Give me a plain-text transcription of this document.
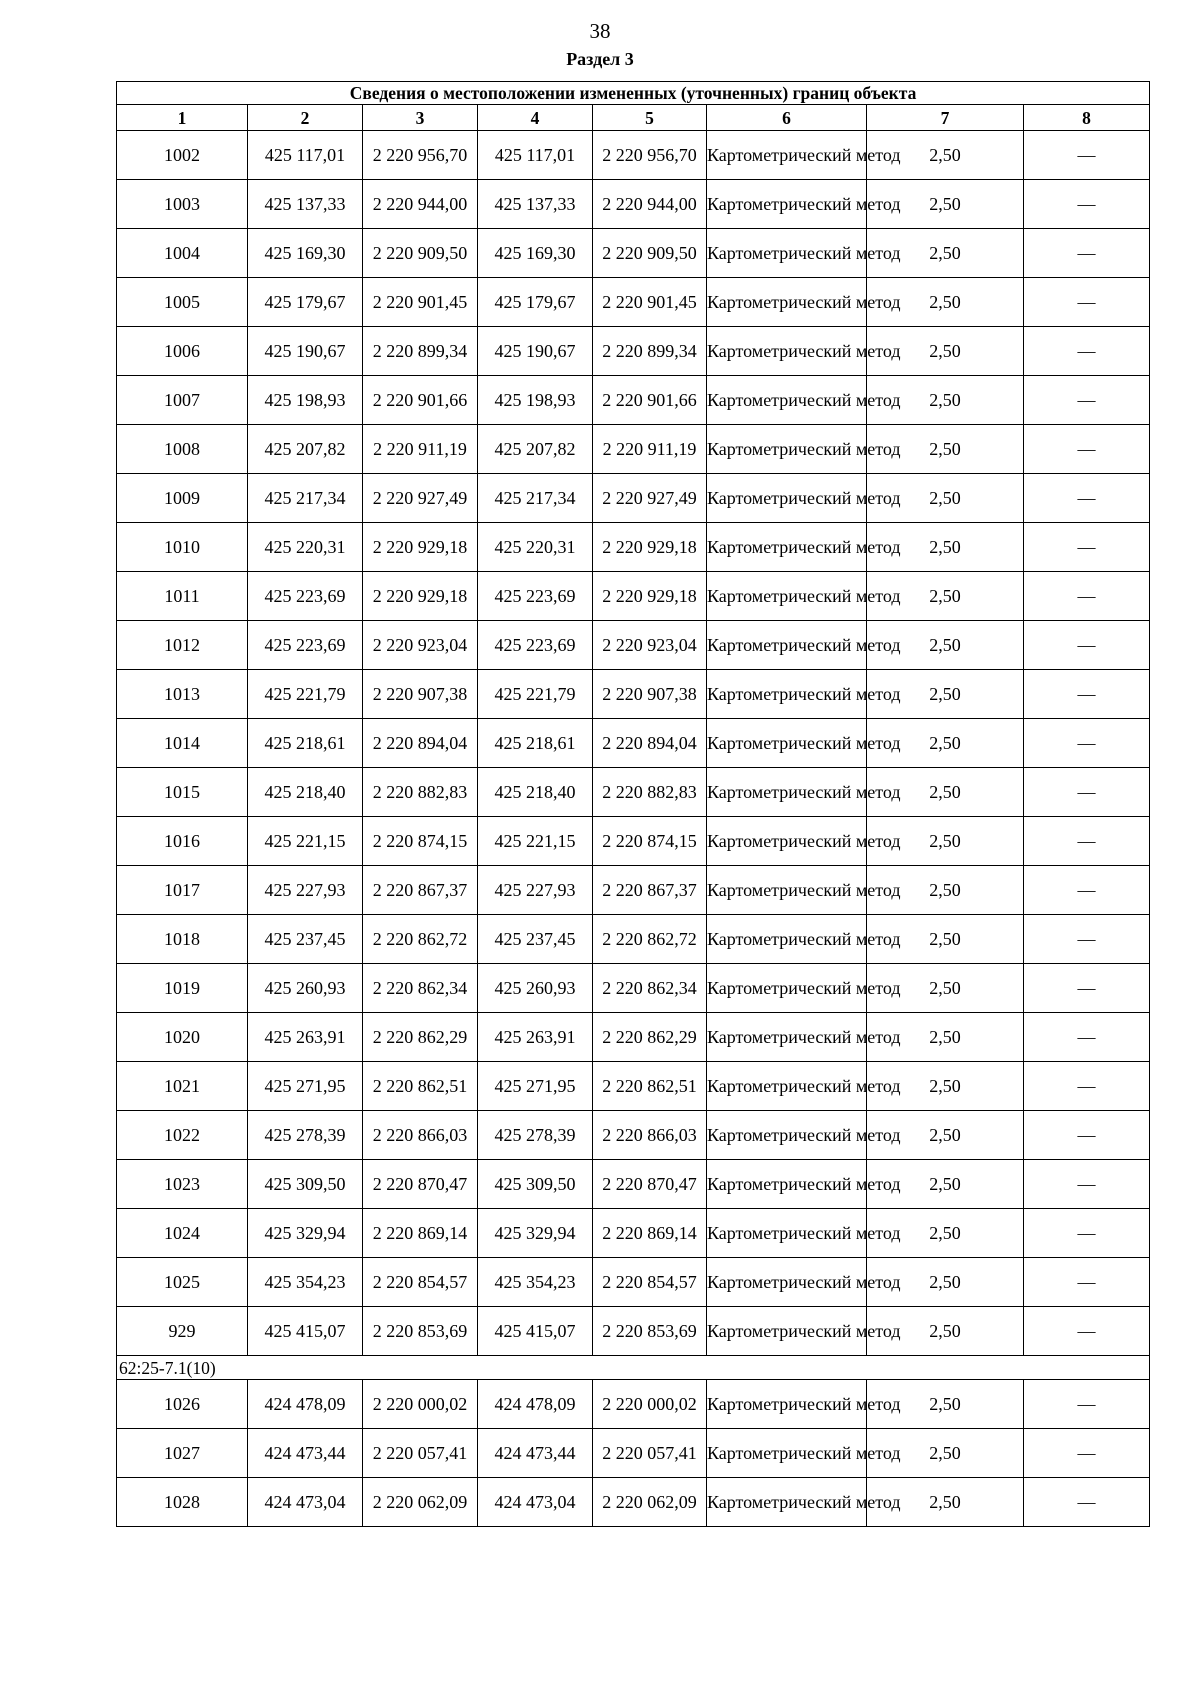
38
Раздел 3
Сведения о местоположении измененных (уточненных) границ объекта							
1	2	3	4	5	6	7	8
1002	425 117,01	2 220 956,70	425 117,01	2 220 956,70	Картометрический метод	2,50	—
1003	425 137,33	2 220 944,00	425 137,33	2 220 944,00	Картометрический метод	2,50	—
1004	425 169,30	2 220 909,50	425 169,30	2 220 909,50	Картометрический метод	2,50	—
1005	425 179,67	2 220 901,45	425 179,67	2 220 901,45	Картометрический метод	2,50	—
1006	425 190,67	2 220 899,34	425 190,67	2 220 899,34	Картометрический метод	2,50	—
1007	425 198,93	2 220 901,66	425 198,93	2 220 901,66	Картометрический метод	2,50	—
1008	425 207,82	2 220 911,19	425 207,82	2 220 911,19	Картометрический метод	2,50	—
1009	425 217,34	2 220 927,49	425 217,34	2 220 927,49	Картометрический метод	2,50	—
1010	425 220,31	2 220 929,18	425 220,31	2 220 929,18	Картометрический метод	2,50	—
1011	425 223,69	2 220 929,18	425 223,69	2 220 929,18	Картометрический метод	2,50	—
1012	425 223,69	2 220 923,04	425 223,69	2 220 923,04	Картометрический метод	2,50	—
1013	425 221,79	2 220 907,38	425 221,79	2 220 907,38	Картометрический метод	2,50	—
1014	425 218,61	2 220 894,04	425 218,61	2 220 894,04	Картометрический метод	2,50	—
1015	425 218,40	2 220 882,83	425 218,40	2 220 882,83	Картометрический метод	2,50	—
1016	425 221,15	2 220 874,15	425 221,15	2 220 874,15	Картометрический метод	2,50	—
1017	425 227,93	2 220 867,37	425 227,93	2 220 867,37	Картометрический метод	2,50	—
1018	425 237,45	2 220 862,72	425 237,45	2 220 862,72	Картометрический метод	2,50	—
1019	425 260,93	2 220 862,34	425 260,93	2 220 862,34	Картометрический метод	2,50	—
1020	425 263,91	2 220 862,29	425 263,91	2 220 862,29	Картометрический метод	2,50	—
1021	425 271,95	2 220 862,51	425 271,95	2 220 862,51	Картометрический метод	2,50	—
1022	425 278,39	2 220 866,03	425 278,39	2 220 866,03	Картометрический метод	2,50	—
1023	425 309,50	2 220 870,47	425 309,50	2 220 870,47	Картометрический метод	2,50	—
1024	425 329,94	2 220 869,14	425 329,94	2 220 869,14	Картометрический метод	2,50	—
1025	425 354,23	2 220 854,57	425 354,23	2 220 854,57	Картометрический метод	2,50	—
929	425 415,07	2 220 853,69	425 415,07	2 220 853,69	Картометрический метод	2,50	—
62:25-7.1(10)							
1026	424 478,09	2 220 000,02	424 478,09	2 220 000,02	Картометрический метод	2,50	—
1027	424 473,44	2 220 057,41	424 473,44	2 220 057,41	Картометрический метод	2,50	—
1028	424 473,04	2 220 062,09	424 473,04	2 220 062,09	Картометрический метод	2,50	—
